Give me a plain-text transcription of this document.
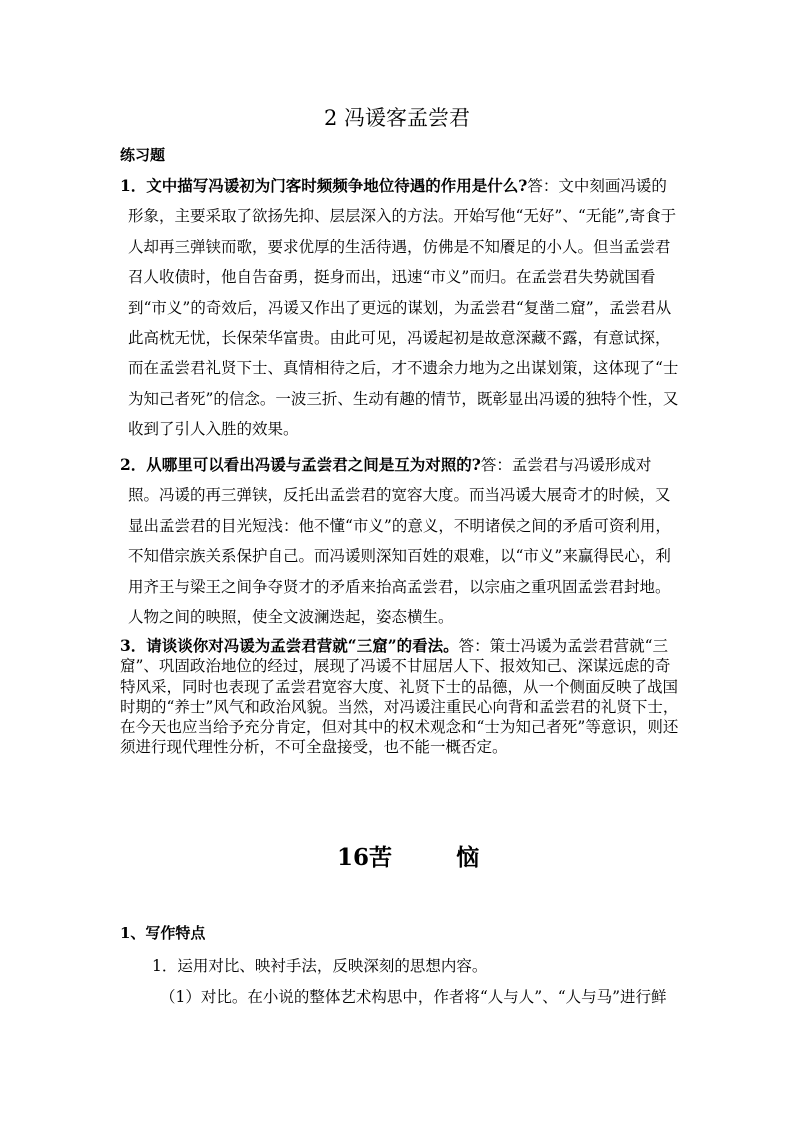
2 冯谖客孟尝君
练习题

1．文中描写冯谖初为门客时频频争地位待遇的作用是什么?答：文中刻画冯谖的形象，主要采取了欲扬先抑、层层深入的方法。开始写他“无好”、“无能”,寄食于人却再三弹铗而歌，要求优厚的生活待遇，仿佛是不知餍足的小人。但当孟尝君召人收债时，他自告奋勇，挺身而出，迅速“市义”而归。在孟尝君失势就国看到“市义”的奇效后，冯谖又作出了更远的谋划，为孟尝君“复凿二窟”，孟尝君从此高枕无忧，长保荣华富贵。由此可见，冯谖起初是故意深藏不露，有意试探，而在孟尝君礼贤下士、真情相待之后，才不遗余力地为之出谋划策，这体现了“士为知己者死”的信念。一波三折、生动有趣的情节，既彰显出冯谖的独特个性，又收到了引人入胜的效果。

2．从哪里可以看出冯谖与孟尝君之间是互为对照的?答：孟尝君与冯谖形成对照。冯谖的再三弹铗，反托出孟尝君的宽容大度。而当冯谖大展奇才的时候，又显出孟尝君的目光短浅：他不懂“市义”的意义，不明诸侯之间的矛盾可资利用，不知借宗族关系保护自己。而冯谖则深知百姓的艰难，以“市义”来赢得民心，利用齐王与梁王之间争夺贤才的矛盾来抬高孟尝君，以宗庙之重巩固孟尝君封地。人物之间的映照，使全文波澜迭起，姿态横生。

3．请谈谈你对冯谖为孟尝君营就“三窟”的看法。答：策士冯谖为孟尝君营就“三窟”、巩固政治地位的经过，展现了冯谖不甘屈居人下、报效知己、深谋远虑的奇特风采，同时也表现了孟尝君宽容大度、礼贤下士的品德，从一个侧面反映了战国时期的“养士”风气和政治风貌。当然，对冯谖注重民心向背和孟尝君的礼贤下士，在今天也应当给予充分肯定，但对其中的权术观念和“士为知己者死”等意识，则还须进行现代理性分析，不可全盘接受，也不能一概否定。

16苦        恼
1、写作特点
1．运用对比、映衬手法，反映深刻的思想内容。
（1）对比。在小说的整体艺术构思中，作者将“人与人”、“人与马”进行鲜
